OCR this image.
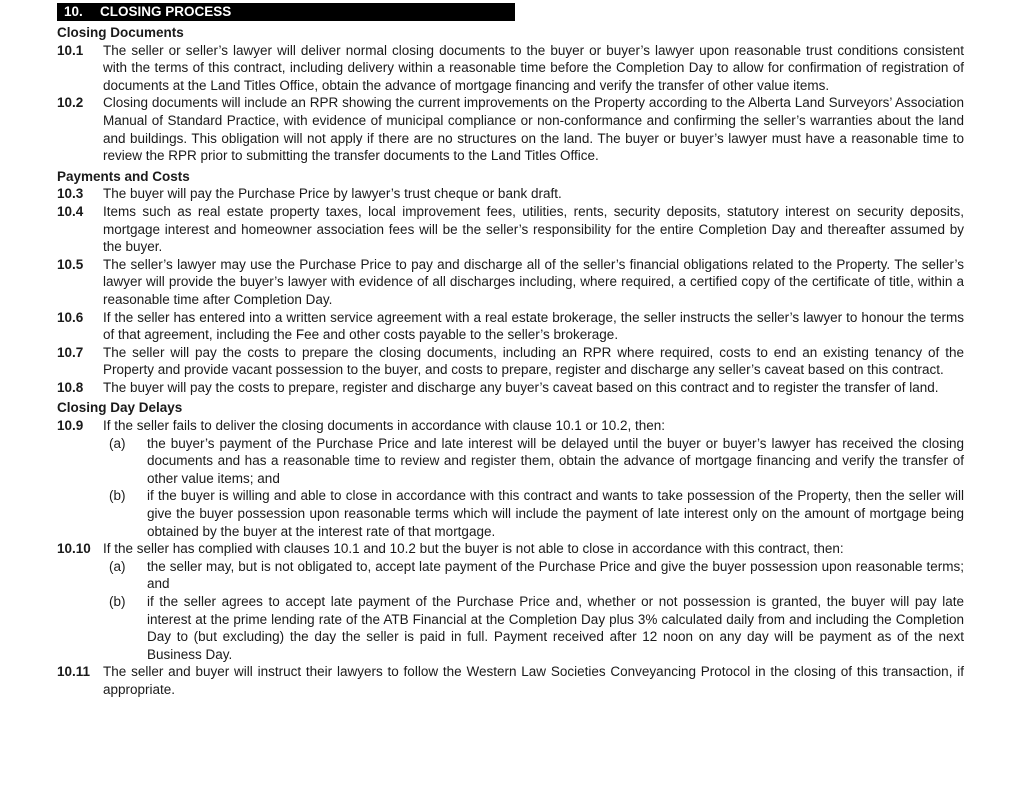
10.	CLOSING PROCESS
Closing Documents
10.1	The seller or seller’s lawyer will deliver normal closing documents to the buyer or buyer’s lawyer upon reasonable trust conditions consistent with the terms of this contract, including delivery within a reasonable time before the Completion Day to allow for confirmation of registration of documents at the Land Titles Office, obtain the advance of mortgage financing and verify the transfer of other value items.
10.2	Closing documents will include an RPR showing the current improvements on the Property according to the Alberta Land Surveyors’ Association Manual of Standard Practice, with evidence of municipal compliance or non-conformance and confirming the seller’s warranties about the land and buildings. This obligation will not apply if there are no structures on the land. The buyer or buyer’s lawyer must have a reasonable time to review the RPR prior to submitting the transfer documents to the Land Titles Office.
Payments and Costs
10.3	The buyer will pay the Purchase Price by lawyer’s trust cheque or bank draft.
10.4	Items such as real estate property taxes, local improvement fees, utilities, rents, security deposits, statutory interest on security deposits, mortgage interest and homeowner association fees will be the seller’s responsibility for the entire Completion Day and thereafter assumed by the buyer.
10.5	The seller’s lawyer may use the Purchase Price to pay and discharge all of the seller’s financial obligations related to the Property. The seller’s lawyer will provide the buyer’s lawyer with evidence of all discharges including, where required, a certified copy of the certificate of title, within a reasonable time after Completion Day.
10.6	If the seller has entered into a written service agreement with a real estate brokerage, the seller instructs the seller’s lawyer to honour the terms of that agreement, including the Fee and other costs payable to the seller’s brokerage.
10.7	The seller will pay the costs to prepare the closing documents, including an RPR where required, costs to end an existing tenancy of the Property and provide vacant possession to the buyer, and costs to prepare, register and discharge any seller’s caveat based on this contract.
10.8	The buyer will pay the costs to prepare, register and discharge any buyer’s caveat based on this contract and to register the transfer of land.
Closing Day Delays
10.9	If the seller fails to deliver the closing documents in accordance with clause 10.1 or 10.2, then:
(a)	the buyer’s payment of the Purchase Price and late interest will be delayed until the buyer or buyer’s lawyer has received the closing documents and has a reasonable time to review and register them, obtain the advance of mortgage financing and verify the transfer of other value items; and
(b)	if the buyer is willing and able to close in accordance with this contract and wants to take possession of the Property, then the seller will give the buyer possession upon reasonable terms which will include the payment of late interest only on the amount of mortgage being obtained by the buyer at the interest rate of that mortgage.
10.10 If the seller has complied with clauses 10.1 and 10.2 but the buyer is not able to close in accordance with this contract, then:
(a)	the seller may, but is not obligated to, accept late payment of the Purchase Price and give the buyer possession upon reasonable terms; and
(b)	if the seller agrees to accept late payment of the Purchase Price and, whether or not possession is granted, the buyer will pay late interest at the prime lending rate of the ATB Financial at the Completion Day plus 3% calculated daily from and including the Completion Day to (but excluding) the day the seller is paid in full. Payment received after 12 noon on any day will be payment as of the next Business Day.
10.11 The seller and buyer will instruct their lawyers to follow the Western Law Societies Conveyancing Protocol in the closing of this transaction, if appropriate.
